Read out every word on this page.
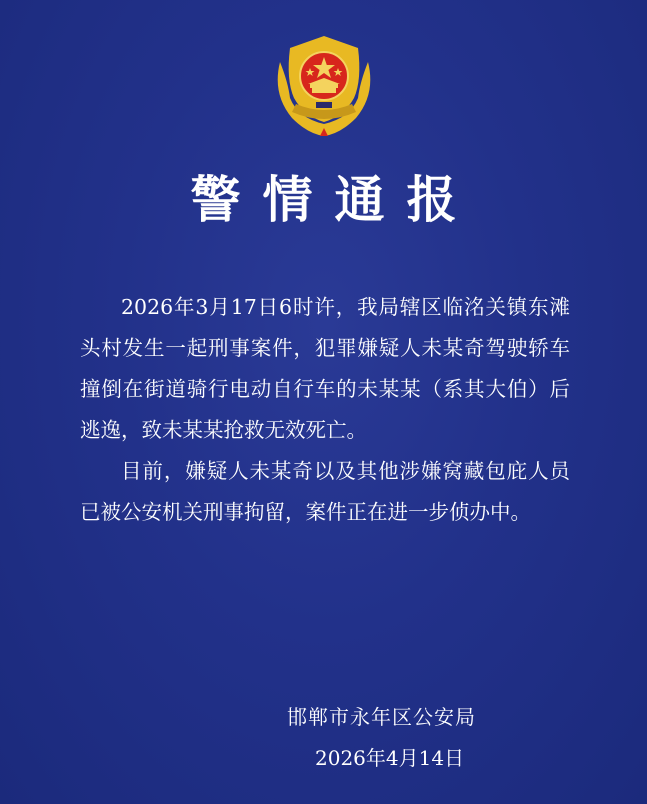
警情通报

2026年3月17日6时许，我局辖区临洺关镇东滩头村发生一起刑事案件，犯罪嫌疑人未某奇驾驶轿车撞倒在街道骑行电动自行车的未某某（系其大伯）后逃逸，致未某某抢救无效死亡。

目前，嫌疑人未某奇以及其他涉嫌窝藏包庇人员已被公安机关刑事拘留，案件正在进一步侦办中。

邯郸市永年区公安局
2026年4月14日
